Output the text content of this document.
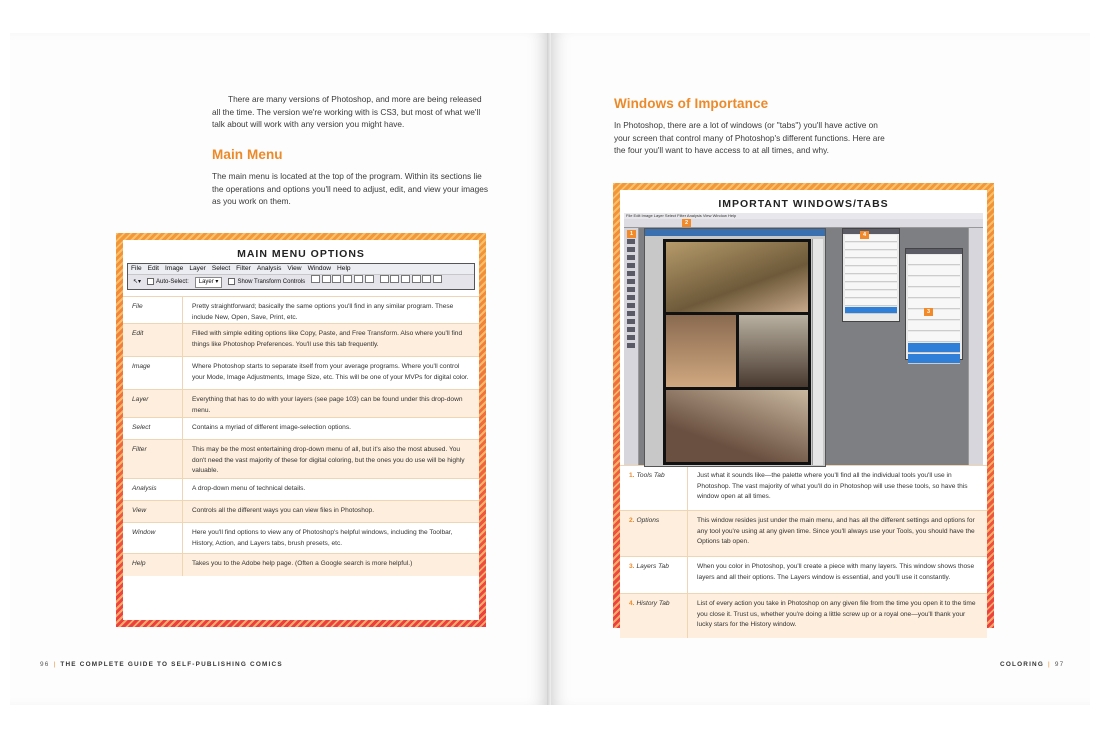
There are many versions of Photoshop, and more are being released all the time. The version we're working with is CS3, but most of what we'll talk about will work with any version you might have.

Main Menu

The main menu is located at the top of the program. Within its sections lie the operations and options you'll need to adjust, edit, and view your images as you work on them.

MAIN MENU OPTIONS
File Edit Image Layer Select Filter Analysis View Window Help
↖▾	Auto-Select:	Layer ▾	Show Transform Controls

File	Pretty straightforward; basically the same options you'll find in any similar program. These include New, Open, Save, Print, etc.
Edit	Filled with simple editing options like Copy, Paste, and Free Transform. Also where you'll find things like Photoshop Preferences. You'll use this tab frequently.
Image	Where Photoshop starts to separate itself from your average programs. Where you'll control your Mode, Image Adjustments, Image Size, etc. This will be one of your MVPs for digital color.
Layer	Everything that has to do with your layers (see page 103) can be found under this drop-down menu.
Select	Contains a myriad of different image-selection options.
Filter	This may be the most entertaining drop-down menu of all, but it's also the most abused. You don't need the vast majority of these for digital coloring, but the ones you do use will be highly valuable.
Analysis	A drop-down menu of technical details.
View	Controls all the different ways you can view files in Photoshop.
Window	Here you'll find options to view any of Photoshop's helpful windows, including the Toolbar, History, Action, and Layers tabs, brush presets, etc.
Help	Takes you to the Adobe help page. (Often a Google search is more helpful.)
96 | THE COMPLETE GUIDE TO SELF-PUBLISHING COMICS
Windows of Importance

In Photoshop, there are a lot of windows (or "tabs") you'll have active on your screen that control many of Photoshop's different functions. Here are the four you'll want to have access to at all times, and why.

IMPORTANT WINDOWS/TABS
File Edit Image Layer Select Filter Analysis View Window Help
1
2
3
4
1. Tools Tab	Just what it sounds like—the palette where you'll find all the individual tools you'll use in Photoshop. The vast majority of what you'll do in Photoshop will use these tools, so have this window open at all times.
2. Options	This window resides just under the main menu, and has all the different settings and options for any tool you're using at any given time. Since you'll always use your Tools, you should have the Options tab open.
3. Layers Tab	When you color in Photoshop, you'll create a piece with many layers. This window shows those layers and all their options. The Layers window is essential, and you'll use it constantly.
4. History Tab	List of every action you take in Photoshop on any given file from the time you open it to the time you close it. Trust us, whether you're doing a little screw up or a royal one—you'll thank your lucky stars for the History window.
COLORING | 97
